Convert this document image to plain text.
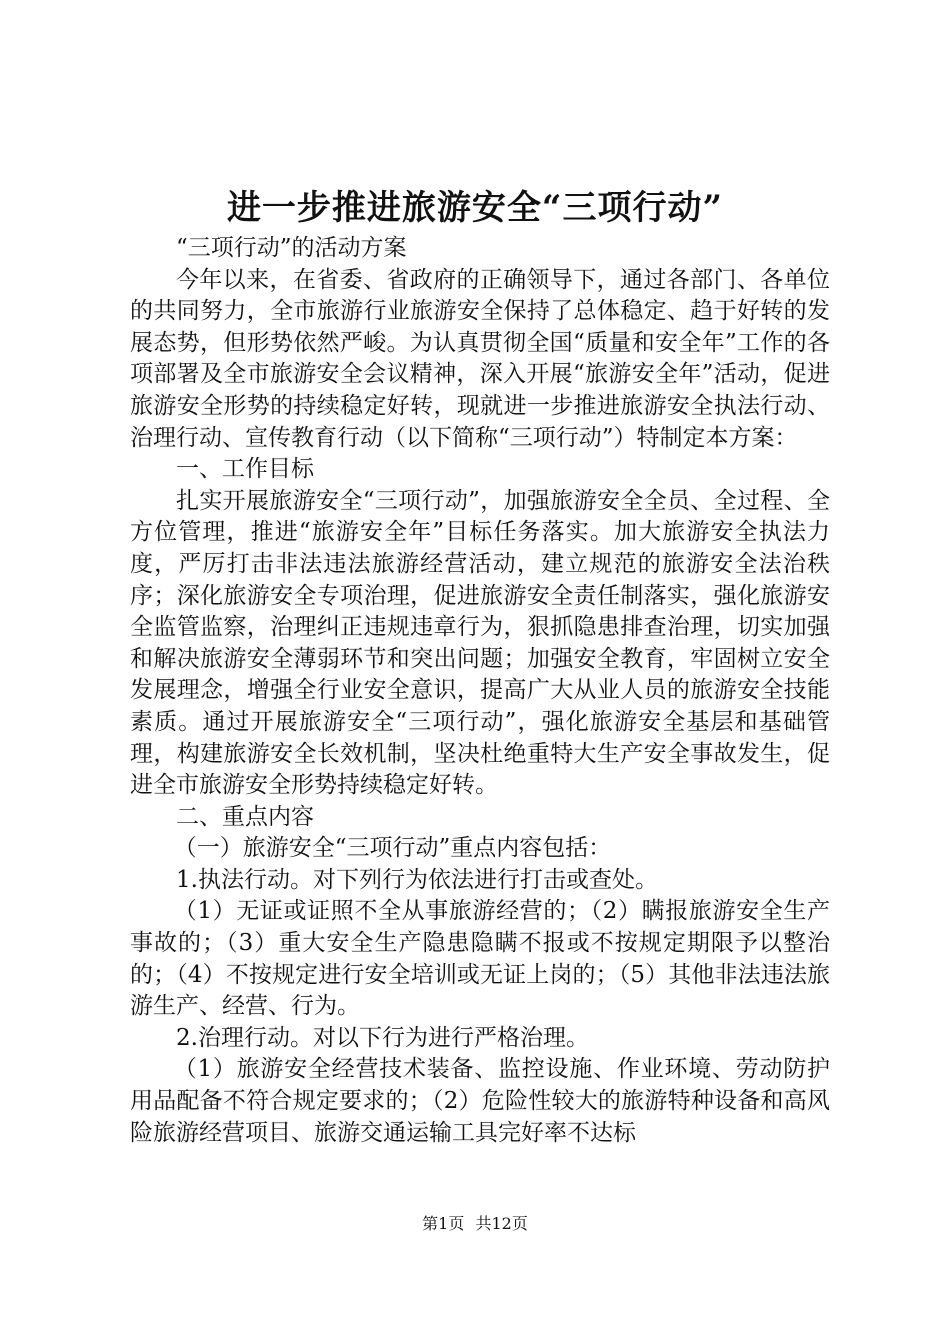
进一步推进旅游安全“三项行动”

“三项行动”的活动方案

今年以来，在省委、省政府的正确领导下，通过各部门、各单位的共同努力，全市旅游行业旅游安全保持了总体稳定、趋于好转的发展态势，但形势依然严峻。为认真贯彻全国“质量和安全年”工作的各项部署及全市旅游安全会议精神，深入开展“旅游安全年”活动，促进旅游安全形势的持续稳定好转，现就进一步推进旅游安全执法行动、治理行动、宣传教育行动（以下简称“三项行动”）特制定本方案：

一、工作目标

扎实开展旅游安全“三项行动”，加强旅游安全全员、全过程、全方位管理，推进“旅游安全年”目标任务落实。加大旅游安全执法力度，严厉打击非法违法旅游经营活动，建立规范的旅游安全法治秩序；深化旅游安全专项治理，促进旅游安全责任制落实，强化旅游安全监管监察，治理纠正违规违章行为，狠抓隐患排查治理，切实加强和解决旅游安全薄弱环节和突出问题；加强安全教育，牢固树立安全发展理念，增强全行业安全意识，提高广大从业人员的旅游安全技能素质。通过开展旅游安全“三项行动”，强化旅游安全基层和基础管理，构建旅游安全长效机制，坚决杜绝重特大生产安全事故发生，促进全市旅游安全形势持续稳定好转。

二、重点内容

（一）旅游安全“三项行动”重点内容包括：

1.执法行动。对下列行为依法进行打击或查处。

（1）无证或证照不全从事旅游经营的；（2）瞒报旅游安全生产事故的；（3）重大安全生产隐患隐瞒不报或不按规定期限予以整治的；（4）不按规定进行安全培训或无证上岗的；（5）其他非法违法旅游生产、经营、行为。

2.治理行动。对以下行为进行严格治理。

（1）旅游安全经营技术装备、监控设施、作业环境、劳动防护用品配备不符合规定要求的；（2）危险性较大的旅游特种设备和高风险旅游经营项目、旅游交通运输工具完好率不达标

第1页 共12页
